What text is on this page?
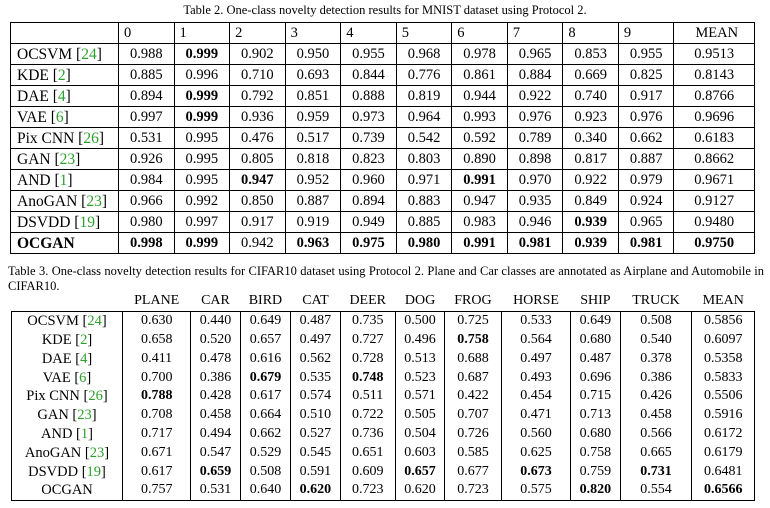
Table 2. One-class novelty detection results for MNIST dataset using Protocol 2.
	0	1	2	3	4	5	6	7	8	9	MEAN
OCSVM [24]	0.988	0.999	0.902	0.950	0.955	0.968	0.978	0.965	0.853	0.955	0.9513
KDE [2]	0.885	0.996	0.710	0.693	0.844	0.776	0.861	0.884	0.669	0.825	0.8143
DAE [4]	0.894	0.999	0.792	0.851	0.888	0.819	0.944	0.922	0.740	0.917	0.8766
VAE [6]	0.997	0.999	0.936	0.959	0.973	0.964	0.993	0.976	0.923	0.976	0.9696
Pix CNN [26]	0.531	0.995	0.476	0.517	0.739	0.542	0.592	0.789	0.340	0.662	0.6183
GAN [23]	0.926	0.995	0.805	0.818	0.823	0.803	0.890	0.898	0.817	0.887	0.8662
AND [1]	0.984	0.995	0.947	0.952	0.960	0.971	0.991	0.970	0.922	0.979	0.9671
AnoGAN [23]	0.966	0.992	0.850	0.887	0.894	0.883	0.947	0.935	0.849	0.924	0.9127
DSVDD [19]	0.980	0.997	0.917	0.919	0.949	0.885	0.983	0.946	0.939	0.965	0.9480
OCGAN	0.998	0.999	0.942	0.963	0.975	0.980	0.991	0.981	0.939	0.981	0.9750
Table 3. One-class novelty detection results for CIFAR10 dataset using Protocol 2. Plane and Car classes are annotated as Airplane and Automobile in CIFAR10.
	PLANE	CAR	BIRD	CAT	DEER	DOG	FROG	HORSE	SHIP	TRUCK	MEAN
OCSVM [24]	0.630	0.440	0.649	0.487	0.735	0.500	0.725	0.533	0.649	0.508	0.5856
KDE [2]	0.658	0.520	0.657	0.497	0.727	0.496	0.758	0.564	0.680	0.540	0.6097
DAE [4]	0.411	0.478	0.616	0.562	0.728	0.513	0.688	0.497	0.487	0.378	0.5358
VAE [6]	0.700	0.386	0.679	0.535	0.748	0.523	0.687	0.493	0.696	0.386	0.5833
Pix CNN [26]	0.788	0.428	0.617	0.574	0.511	0.571	0.422	0.454	0.715	0.426	0.5506
GAN [23]	0.708	0.458	0.664	0.510	0.722	0.505	0.707	0.471	0.713	0.458	0.5916
AND [1]	0.717	0.494	0.662	0.527	0.736	0.504	0.726	0.560	0.680	0.566	0.6172
AnoGAN [23]	0.671	0.547	0.529	0.545	0.651	0.603	0.585	0.625	0.758	0.665	0.6179
DSVDD [19]	0.617	0.659	0.508	0.591	0.609	0.657	0.677	0.673	0.759	0.731	0.6481
OCGAN	0.757	0.531	0.640	0.620	0.723	0.620	0.723	0.575	0.820	0.554	0.6566
